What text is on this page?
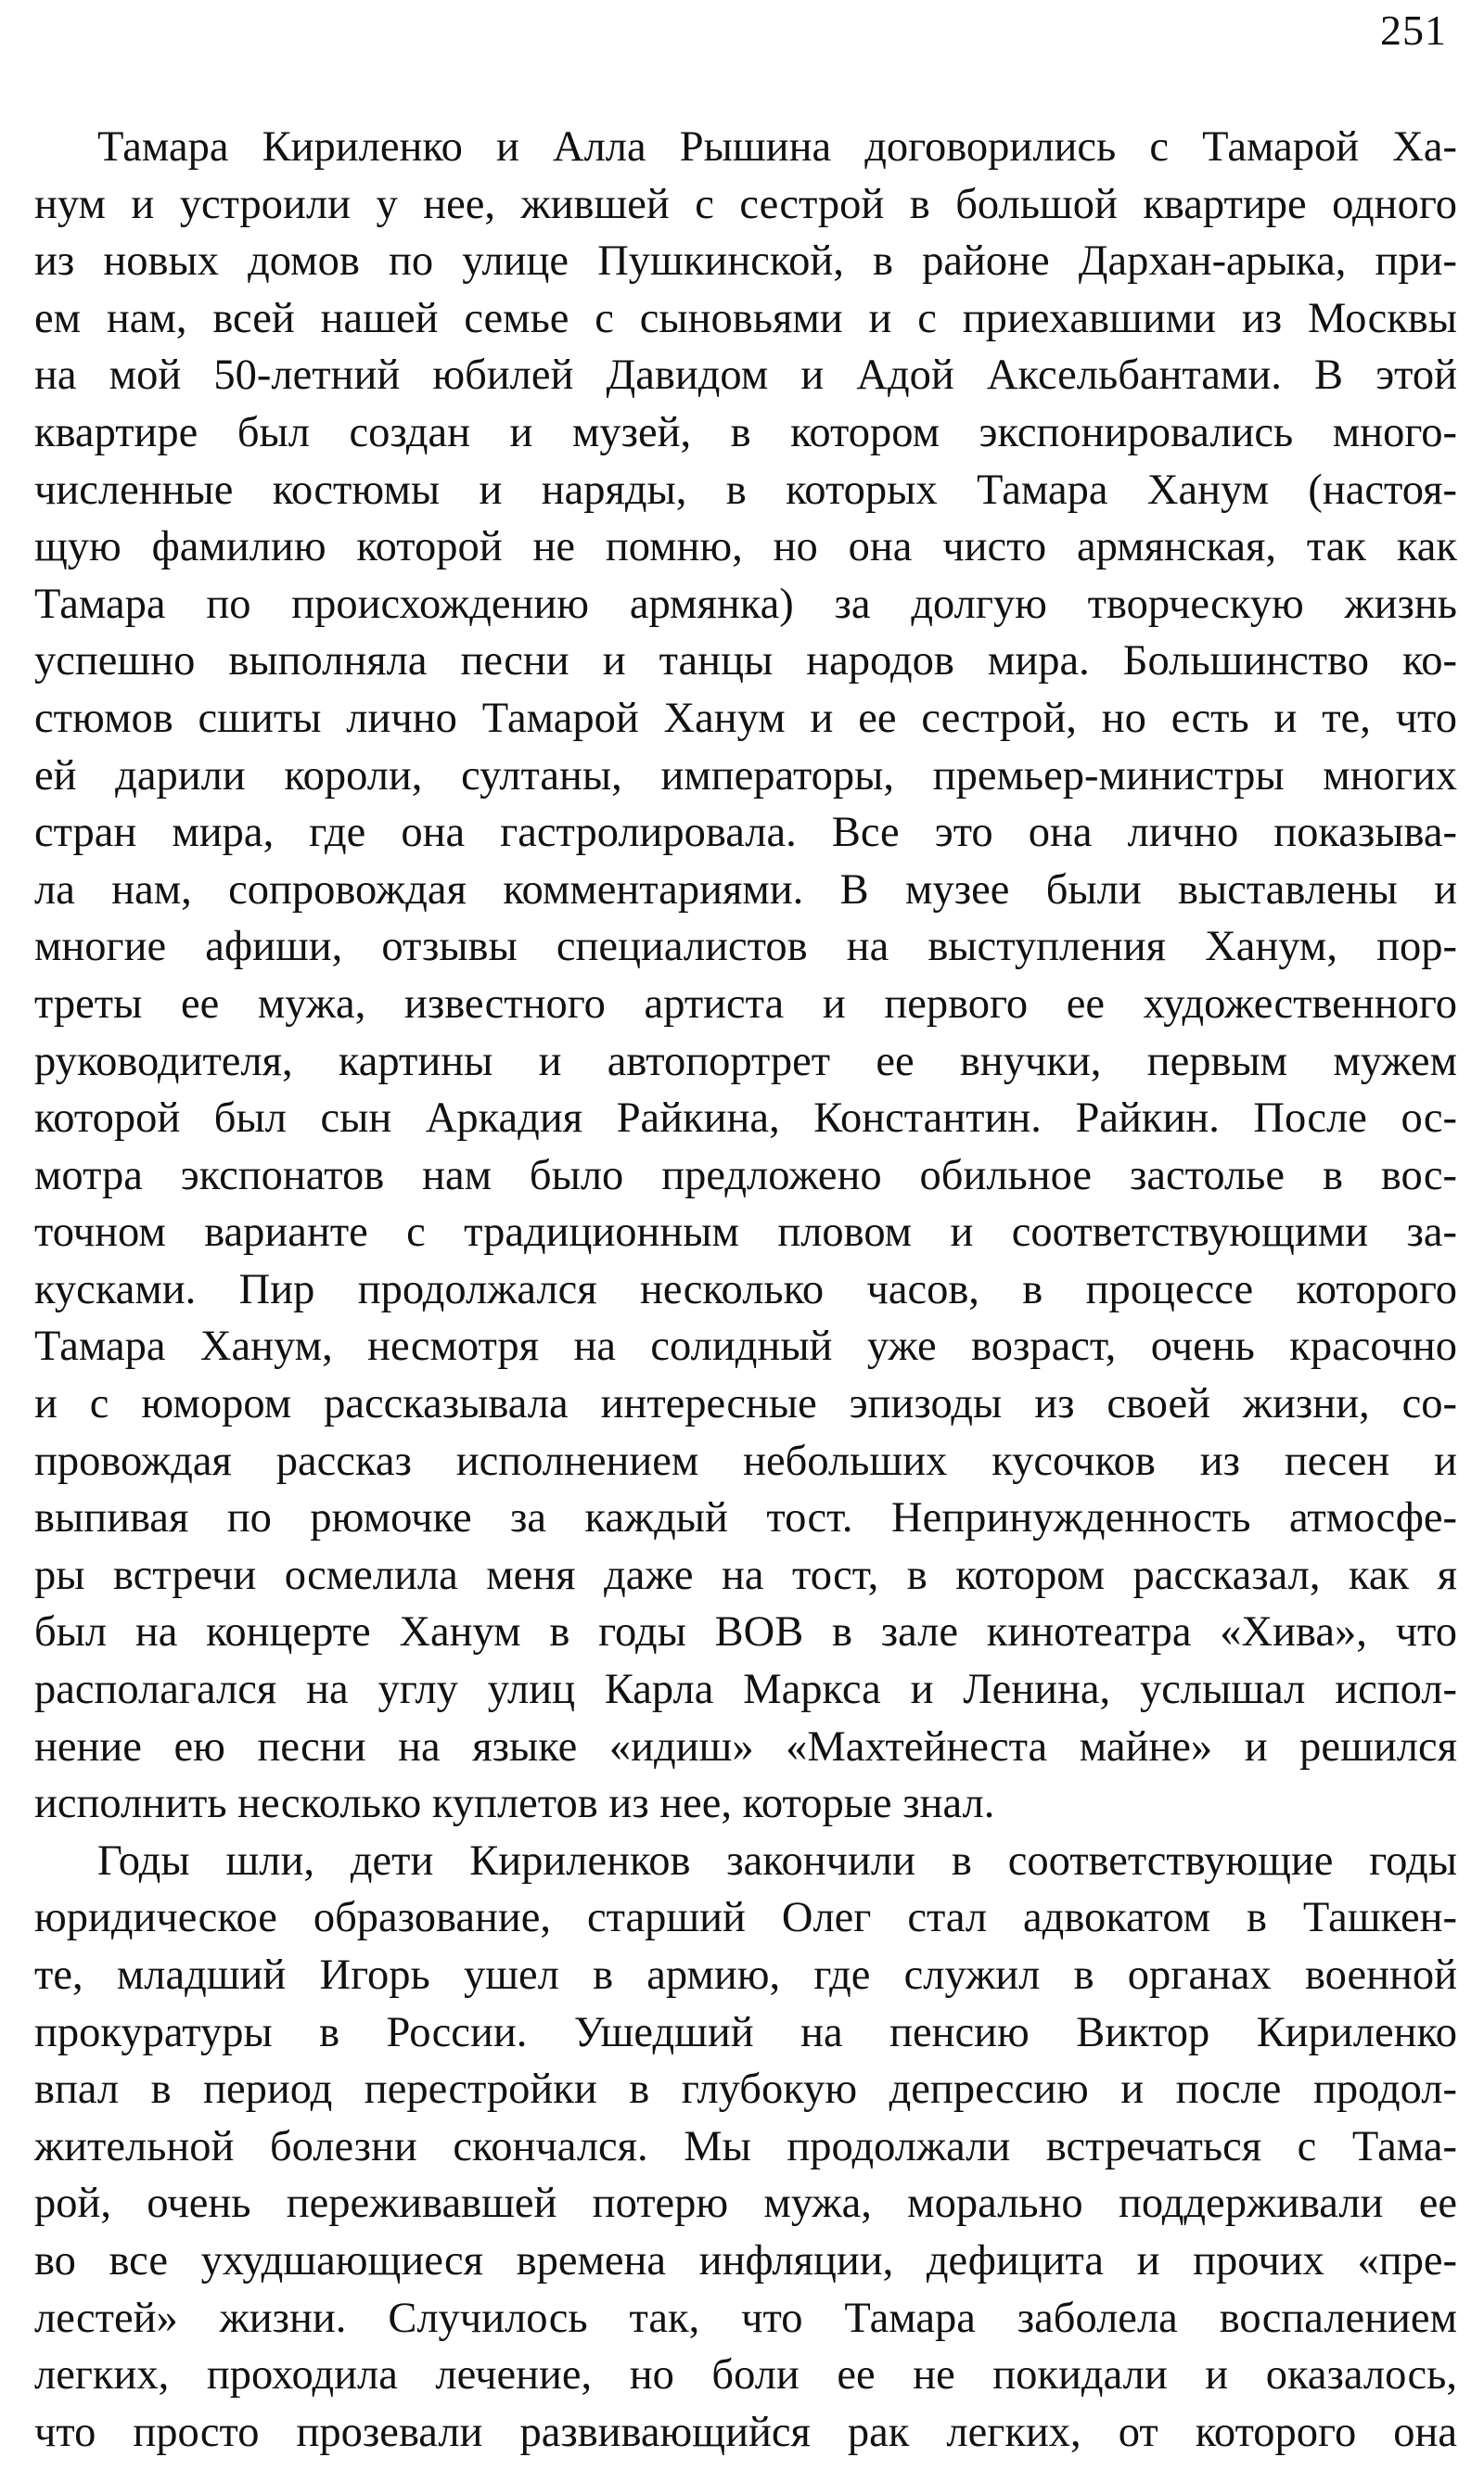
251
Тамара Кириленко и Алла Рышина договорились с Тамарой Ха-
нум и устроили у нее, жившей с сестрой в большой квартире одного
из новых домов по улице Пушкинской, в районе Дархан-арыка, при-
ем нам, всей нашей семье с сыновьями и с приехавшими из Москвы
на мой 50-летний юбилей Давидом и Адой Аксельбантами. В этой
квартире был создан и музей, в котором экспонировались много-
численные костюмы и наряды, в которых Тамара Ханум (настоя-
щую фамилию которой не помню, но она чисто армянская, так как
Тамара по происхождению армянка) за долгую творческую жизнь
успешно выполняла песни и танцы народов мира. Большинство ко-
стюмов сшиты лично Тамарой Ханум и ее сестрой, но есть и те, что
ей дарили короли, султаны, императоры, премьер-министры многих
стран мира, где она гастролировала. Все это она лично показыва-
ла нам, сопровождая комментариями. В музее были выставлены и
многие афиши, отзывы специалистов на выступления Ханум, пор-
треты ее мужа, известного артиста и первого ее художественного
руководителя, картины и автопортрет ее внучки, первым мужем
которой был сын Аркадия Райкина, Константин. Райкин. После ос-
мотра экспонатов нам было предложено обильное застолье в вос-
точном варианте с традиционным пловом и соответствующими за-
кусками. Пир продолжался несколько часов, в процессе которого
Тамара Ханум, несмотря на солидный уже возраст, очень красочно
и с юмором рассказывала интересные эпизоды из своей жизни, со-
провождая рассказ исполнением небольших кусочков из песен и
выпивая по рюмочке за каждый тост. Непринужденность атмосфе-
ры встречи осмелила меня даже на тост, в котором рассказал, как я
был на концерте Ханум в годы ВОВ в зале кинотеатра «Хива», что
располагался на углу улиц Карла Маркса и Ленина, услышал испол-
нение ею песни на языке «идиш» «Махтейнеста майне» и решился
исполнить несколько куплетов из нее, которые знал.
Годы шли, дети Кириленков закончили в соответствующие годы
юридическое образование, старший Олег стал адвокатом в Ташкен-
те, младший Игорь ушел в армию, где служил в органах военной
прокуратуры в России. Ушедший на пенсию Виктор Кириленко
впал в период перестройки в глубокую депрессию и после продол-
жительной болезни скончался. Мы продолжали встречаться с Тама-
рой, очень переживавшей потерю мужа, морально поддерживали ее
во все ухудшающиеся времена инфляции, дефицита и прочих «пре-
лестей» жизни. Случилось так, что Тамара заболела воспалением
легких, проходила лечение, но боли ее не покидали и оказалось,
что просто прозевали развивающийся рак легких, от которого она
